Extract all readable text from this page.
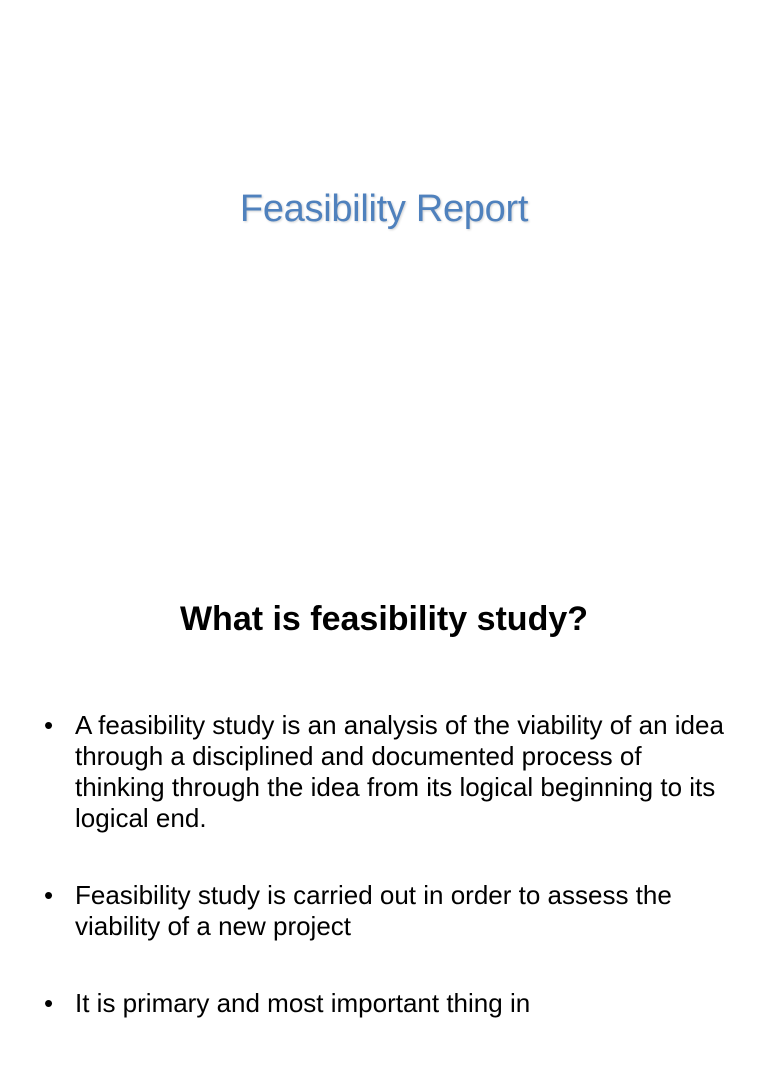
Feasibility Report
What is feasibility study?
• A feasibility study is an analysis of the viability of an idea through a disciplined and documented process of thinking through the idea from its logical beginning to its logical end.
• Feasibility study is carried out in order to assess the viability of a new project
• It is primary and most important thing in
